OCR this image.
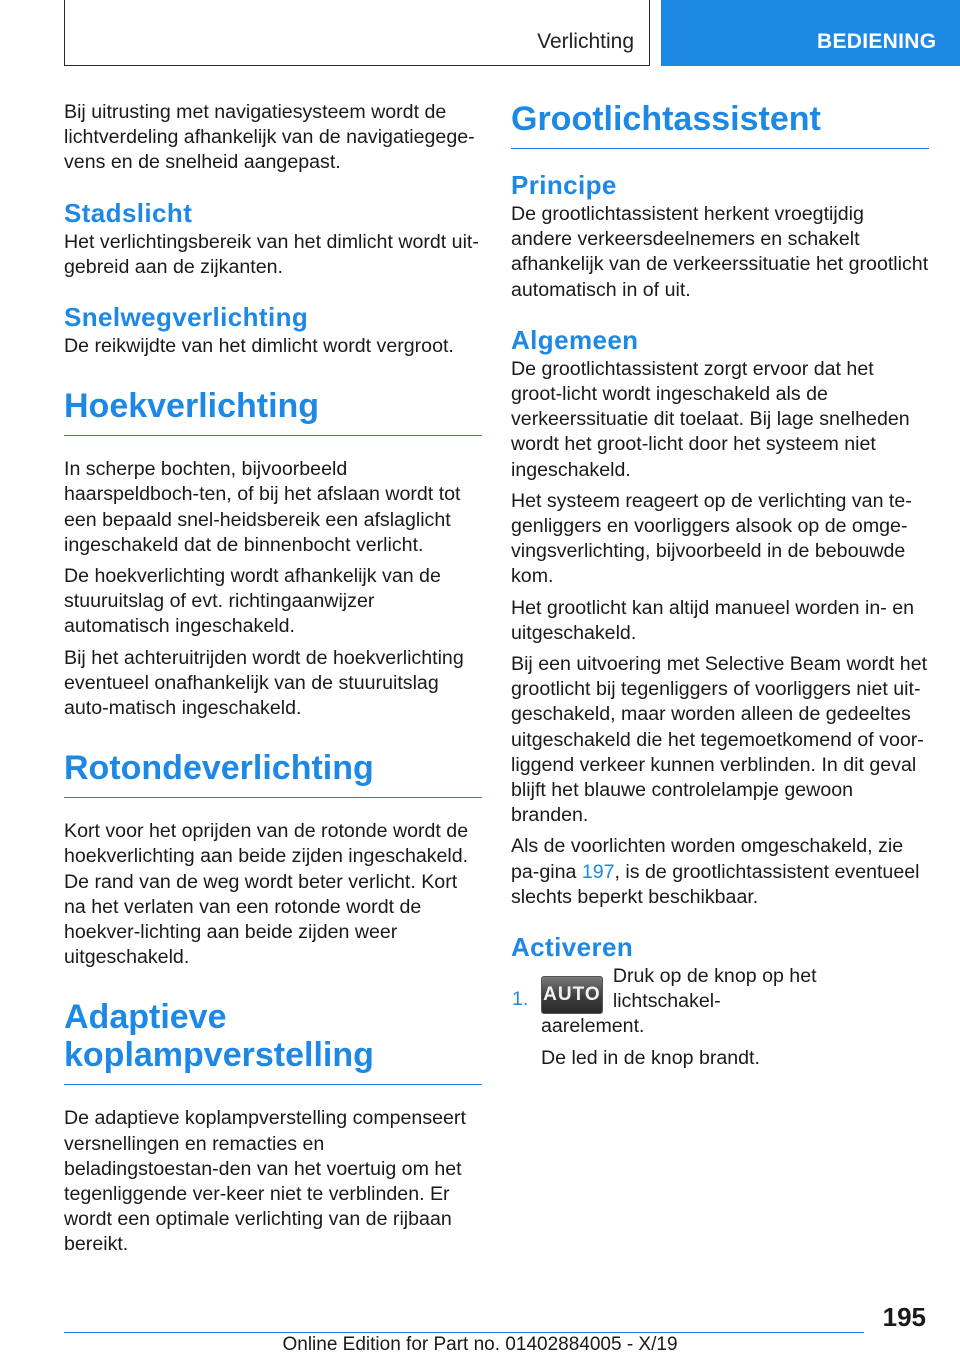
Verlichting	BEDIENING

Bij uitrusting met navigatiesysteem wordt de lichtverdeling afhankelijk van de navigatiegege-vens en de snelheid aangepast.

Stadslicht

Het verlichtingsbereik van het dimlicht wordt uit-gebreid aan de zijkanten.

Snelwegverlichting

De reikwijdte van het dimlicht wordt vergroot.

Hoekverlichting

In scherpe bochten, bijvoorbeeld haarspeldboch-ten, of bij het afslaan wordt tot een bepaald snel-heidsbereik een afslaglicht ingeschakeld dat de binnenbocht verlicht.

De hoekverlichting wordt afhankelijk van de stuuruitslag of evt. richtingaanwijzer automatisch ingeschakeld.

Bij het achteruitrijden wordt de hoekverlichting eventueel onafhankelijk van de stuuruitslag auto-matisch ingeschakeld.

Rotondeverlichting

Kort voor het oprijden van de rotonde wordt de hoekverlichting aan beide zijden ingeschakeld. De rand van de weg wordt beter verlicht. Kort na het verlaten van een rotonde wordt de hoekver-lichting aan beide zijden weer uitgeschakeld.

Adaptieve
koplampverstelling

De adaptieve koplampverstelling compenseert versnellingen en remacties en beladingstoestan-den van het voertuig om het tegenliggende ver-keer niet te verblinden. Er wordt een optimale verlichting van de rijbaan bereikt.

Grootlichtassistent
Principe

De grootlichtassistent herkent vroegtijdig andere verkeersdeelnemers en schakelt afhankelijk van de verkeerssituatie het grootlicht automatisch in of uit.

Algemeen

De grootlichtassistent zorgt ervoor dat het groot-licht wordt ingeschakeld als de verkeerssituatie dit toelaat. Bij lage snelheden wordt het groot-licht door het systeem niet ingeschakeld.

Het systeem reageert op de verlichting van te-genliggers en voorliggers alsook op de omge-vingsverlichting, bijvoorbeeld in de bebouwde kom.

Het grootlicht kan altijd manueel worden in- en uitgeschakeld.

Bij een uitvoering met Selective Beam wordt het grootlicht bij tegenliggers of voorliggers niet uit-geschakeld, maar worden alleen de gedeeltes uitgeschakeld die het tegemoetkomend of voor-liggend verkeer kunnen verblinden. In dit geval blijft het blauwe controlelampje gewoon branden.

Als de voorlichten worden omgeschakeld, zie pa-gina 197, is de grootlichtassistent eventueel slechts beperkt beschikbaar.

Activeren
1. AUTO
Druk op de knop op het lichtschakel-

aarelement.

De led in de knop brandt.

195
Online Edition for Part no. 01402884005 - X/19
